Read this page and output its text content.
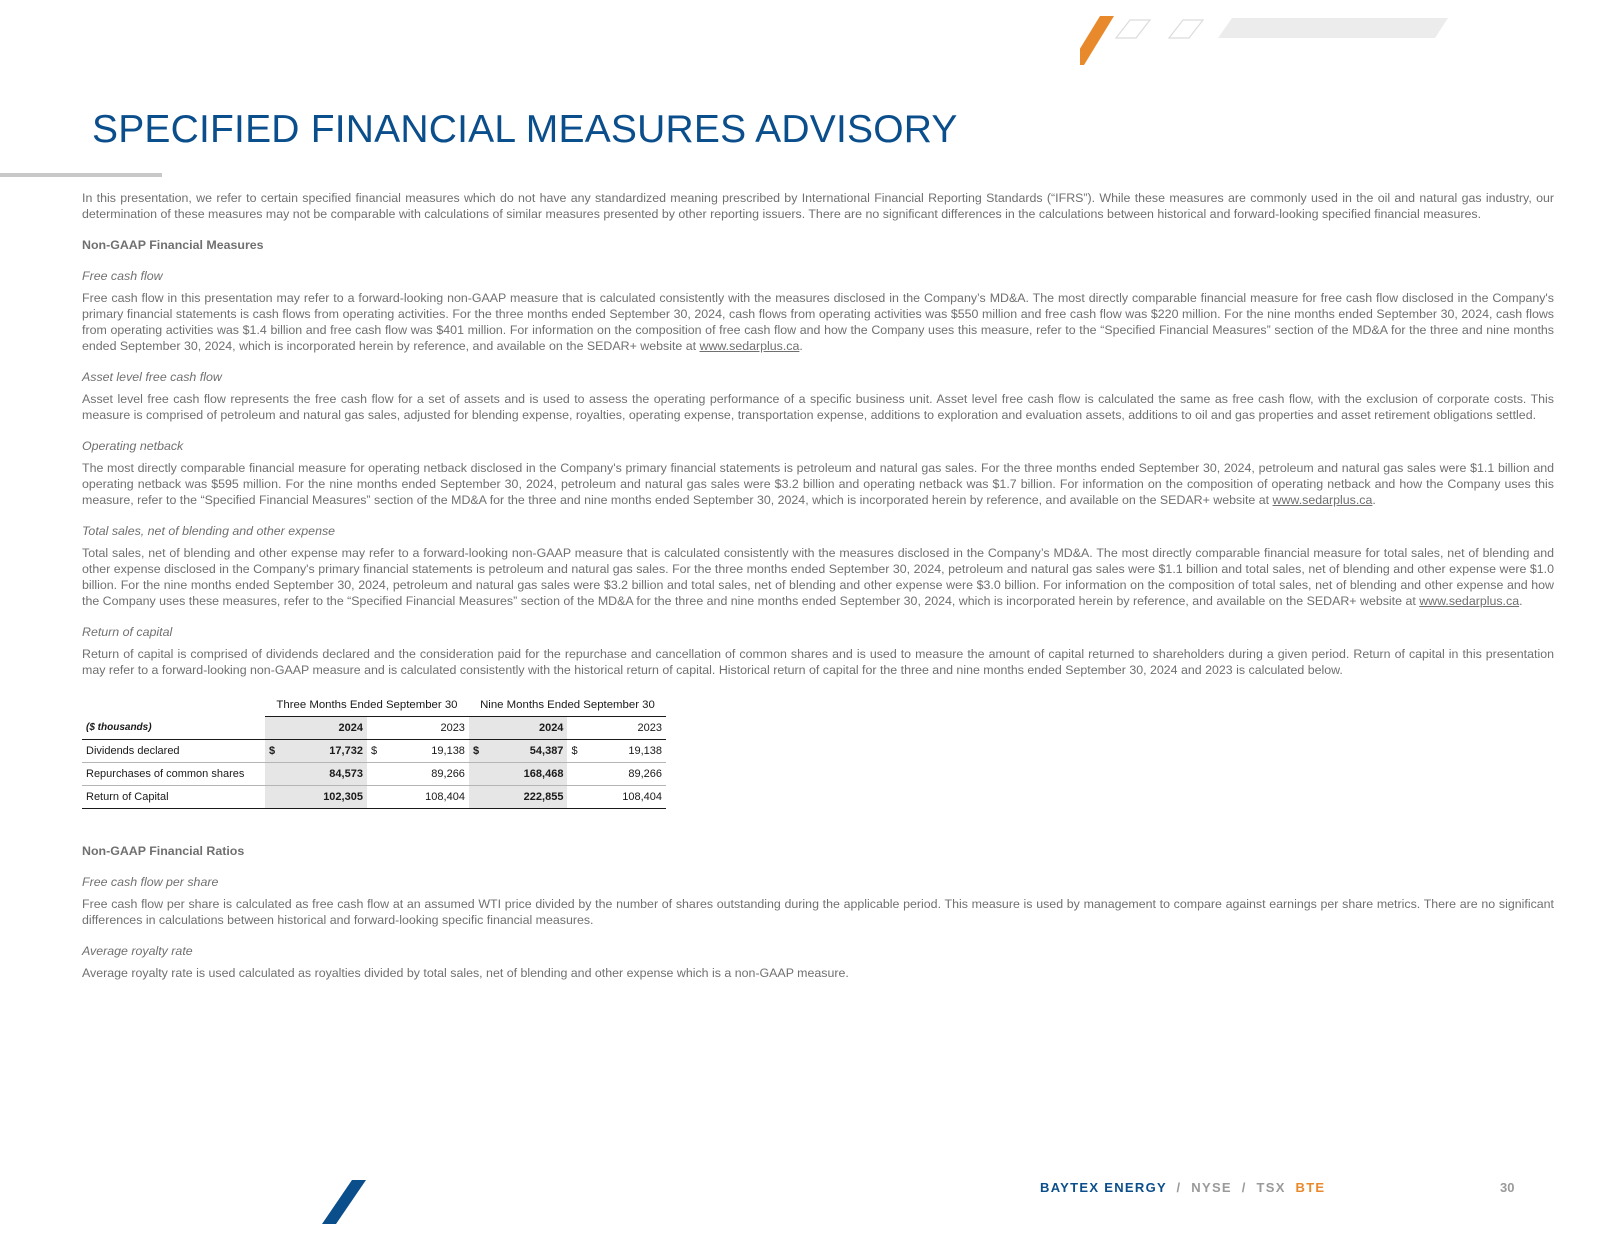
SPECIFIED FINANCIAL MEASURES ADVISORY

In this presentation, we refer to certain specified financial measures which do not have any standardized meaning prescribed by International Financial Reporting Standards (“IFRS”). While these measures are commonly used in the oil and natural gas industry, our determination of these measures may not be comparable with calculations of similar measures presented by other reporting issuers. There are no significant differences in the calculations between historical and forward-looking specified financial measures.

Non-GAAP Financial Measures

Free cash flow

Free cash flow in this presentation may refer to a forward-looking non-GAAP measure that is calculated consistently with the measures disclosed in the Company’s MD&A. The most directly comparable financial measure for free cash flow disclosed in the Company's primary financial statements is cash flows from operating activities. For the three months ended September 30, 2024, cash flows from operating activities was $550 million and free cash flow was $220 million. For the nine months ended September 30, 2024, cash flows from operating activities was $1.4 billion and free cash flow was $401 million. For information on the composition of free cash flow and how the Company uses this measure, refer to the “Specified Financial Measures” section of the MD&A for the three and nine months ended September 30, 2024, which is incorporated herein by reference, and available on the SEDAR+ website at www.sedarplus.ca.

Asset level free cash flow

Asset level free cash flow represents the free cash flow for a set of assets and is used to assess the operating performance of a specific business unit. Asset level free cash flow is calculated the same as free cash flow, with the exclusion of corporate costs. This measure is comprised of petroleum and natural gas sales, adjusted for blending expense, royalties, operating expense, transportation expense, additions to exploration and evaluation assets, additions to oil and gas properties and asset retirement obligations settled.

Operating netback

The most directly comparable financial measure for operating netback disclosed in the Company's primary financial statements is petroleum and natural gas sales. For the three months ended September 30, 2024, petroleum and natural gas sales were $1.1 billion and operating netback was $595 million. For the nine months ended September 30, 2024, petroleum and natural gas sales were $3.2 billion and operating netback was $1.7 billion. For information on the composition of operating netback and how the Company uses this measure, refer to the “Specified Financial Measures” section of the MD&A for the three and nine months ended September 30, 2024, which is incorporated herein by reference, and available on the SEDAR+ website at www.sedarplus.ca.

Total sales, net of blending and other expense

Total sales, net of blending and other expense may refer to a forward-looking non-GAAP measure that is calculated consistently with the measures disclosed in the Company’s MD&A. The most directly comparable financial measure for total sales, net of blending and other expense disclosed in the Company's primary financial statements is petroleum and natural gas sales. For the three months ended September 30, 2024, petroleum and natural gas sales were $1.1 billion and total sales, net of blending and other expense were $1.0 billion. For the nine months ended September 30, 2024, petroleum and natural gas sales were $3.2 billion and total sales, net of blending and other expense were $3.0 billion. For information on the composition of total sales, net of blending and other expense and how the Company uses these measures, refer to the “Specified Financial Measures” section of the MD&A for the three and nine months ended September 30, 2024, which is incorporated herein by reference, and available on the SEDAR+ website at www.sedarplus.ca.

Return of capital

Return of capital is comprised of dividends declared and the consideration paid for the repurchase and cancellation of common shares and is used to measure the amount of capital returned to shareholders during a given period. Return of capital in this presentation may refer to a forward-looking non-GAAP measure and is calculated consistently with the historical return of capital. Historical return of capital for the three and nine months ended September 30, 2024 and 2023 is calculated below.

	Three Months Ended September 30				Nine Months Ended September 30			
($ thousands)		2024		2023		2024		2023
Dividends declared	$	17,732	$	19,138	$	54,387	$	19,138
Repurchases of common shares		84,573		89,266		168,468		89,266
Return of Capital		102,305		108,404		222,855		108,404

Non-GAAP Financial Ratios

Free cash flow per share

Free cash flow per share is calculated as free cash flow at an assumed WTI price divided by the number of shares outstanding during the applicable period. This measure is used by management to compare against earnings per share metrics. There are no significant differences in calculations between historical and forward-looking specific financial measures.

Average royalty rate

Average royalty rate is used calculated as royalties divided by total sales, net of blending and other expense which is a non-GAAP measure.

BAYTEX ENERGY / NYSE / TSX BTE	30
